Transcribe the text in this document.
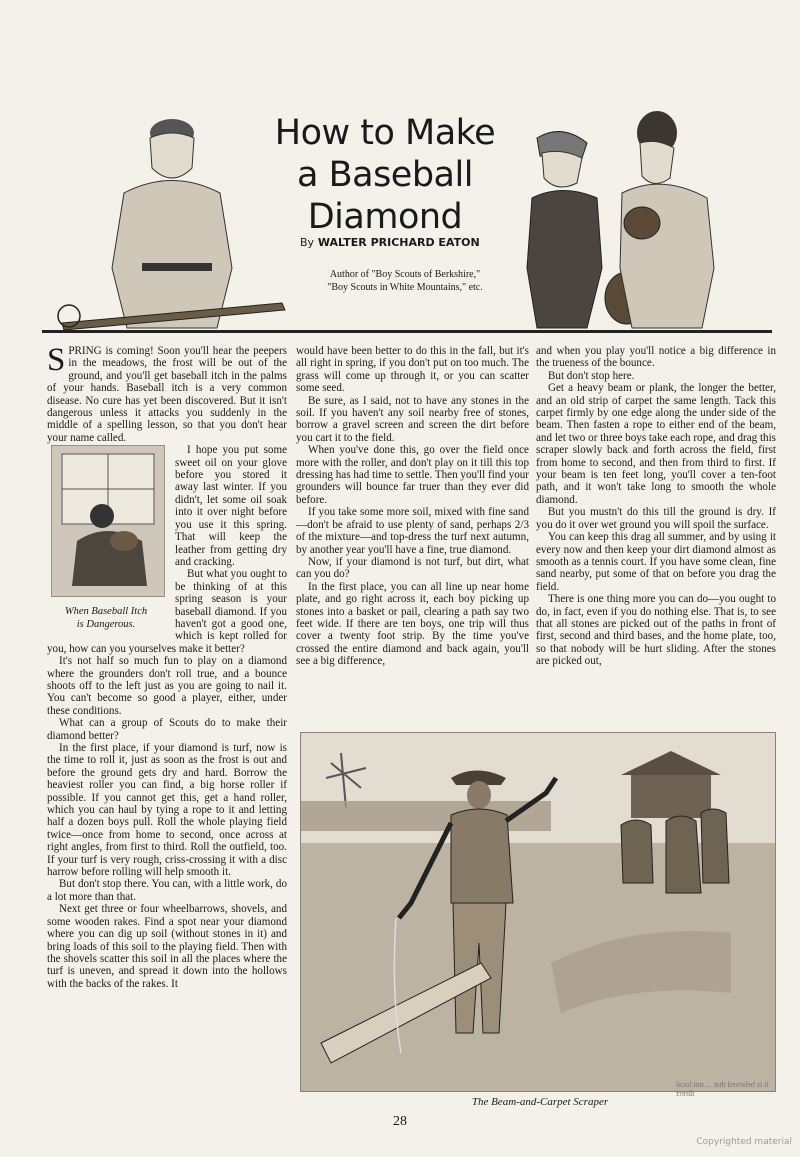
How to Make
a Baseball
Diamond
By WALTER PRICHARD EATON
Author of "Boy Scouts of Berkshire,"
"Boy Scouts in White Mountains," etc.

SPRING is coming! Soon you'll hear the peepers in the meadows, the frost will be out of the ground, and you'll get baseball itch in the palms of your hands. Baseball itch is a very common disease. No cure has yet been discovered. But it isn't dangerous unless it attacks you suddenly in the middle of a spelling lesson, so that you don't hear your name called.

When Baseball Itch
is Dangerous.

I hope you put some sweet oil on your glove before you stored it away last winter. If you didn't, let some oil soak into it over night before you use it this spring. That will keep the leather from getting dry and cracking.

But what you ought to be thinking of at this spring season is your baseball diamond. If you haven't got a good one, which is kept rolled for you, how can you yourselves make it better?

It's not half so much fun to play on a diamond where the grounders don't roll true, and a bounce shoots off to the left just as you are going to nail it. You can't become so good a player, either, under these conditions.

What can a group of Scouts do to make their diamond better?

In the first place, if your diamond is turf, now is the time to roll it, just as soon as the frost is out and before the ground gets dry and hard. Borrow the heaviest roller you can find, a big horse roller if possible. If you cannot get this, get a hand roller, which you can haul by tying a rope to it and letting half a dozen boys pull. Roll the whole playing field twice—once from home to second, once across at right angles, from first to third. Roll the outfield, too. If your turf is very rough, criss-crossing it with a disc harrow before rolling will help smooth it.

But don't stop there. You can, with a little work, do a lot more than that.

Next get three or four wheelbarrows, shovels, and some wooden rakes. Find a spot near your diamond where you can dig up soil (without stones in it) and bring loads of this soil to the playing field. Then with the shovels scatter this soil in all the places where the turf is uneven, and spread it down into the hollows with the backs of the rakes. It

would have been better to do this in the fall, but it's all right in spring, if you don't put on too much. The grass will come up through it, or you can scatter some seed.

Be sure, as I said, not to have any stones in the soil. If you haven't any soil nearby free of stones, borrow a gravel screen and screen the dirt before you cart it to the field.

When you've done this, go over the field once more with the roller, and don't play on it till this top dressing has had time to settle. Then you'll find your grounders will bounce far truer than they ever did before.

If you take some more soil, mixed with fine sand—don't be afraid to use plenty of sand, perhaps 2/3 of the mixture—and top-dress the turf next autumn, by another year you'll have a fine, true diamond.

Now, if your diamond is not turf, but dirt, what can you do?

In the first place, you can all line up near home plate, and go right across it, each boy picking up stones into a basket or pail, clearing a path say two feet wide. If there are ten boys, one trip will thus cover a twenty foot strip. By the time you've crossed the entire diamond and back again, you'll see a big difference,

and when you play you'll notice a big difference in the trueness of the bounce.

But don't stop here.

Get a heavy beam or plank, the longer the better, and an old strip of carpet the same length. Tack this carpet firmly by one edge along the under side of the beam. Then fasten a rope to either end of the beam, and let two or three boys take each rope, and drag this scraper slowly back and forth across the field, first from home to second, and then from third to first. If your beam is ten feet long, you'll cover a ten-foot path, and it won't take long to smooth the whole diamond.

But you mustn't do this till the ground is dry. If you do it over wet ground you will spoil the surface.

You can keep this drag all summer, and by using it every now and then keep your dirt diamond almost as smooth as a tennis court. If you have some clean, fine sand nearby, put some of that on before you drag the field.

There is one thing more you can do—you ought to do, in fact, even if you do nothing else. That is, to see that all stones are picked out of the paths in front of first, second and third bases, and the home plate, too, so that nobody will be hurt sliding. After the stones are picked out,

The Beam-and-Carpet Scraper
it is believed that ... not local direct
28
Copyrighted material
